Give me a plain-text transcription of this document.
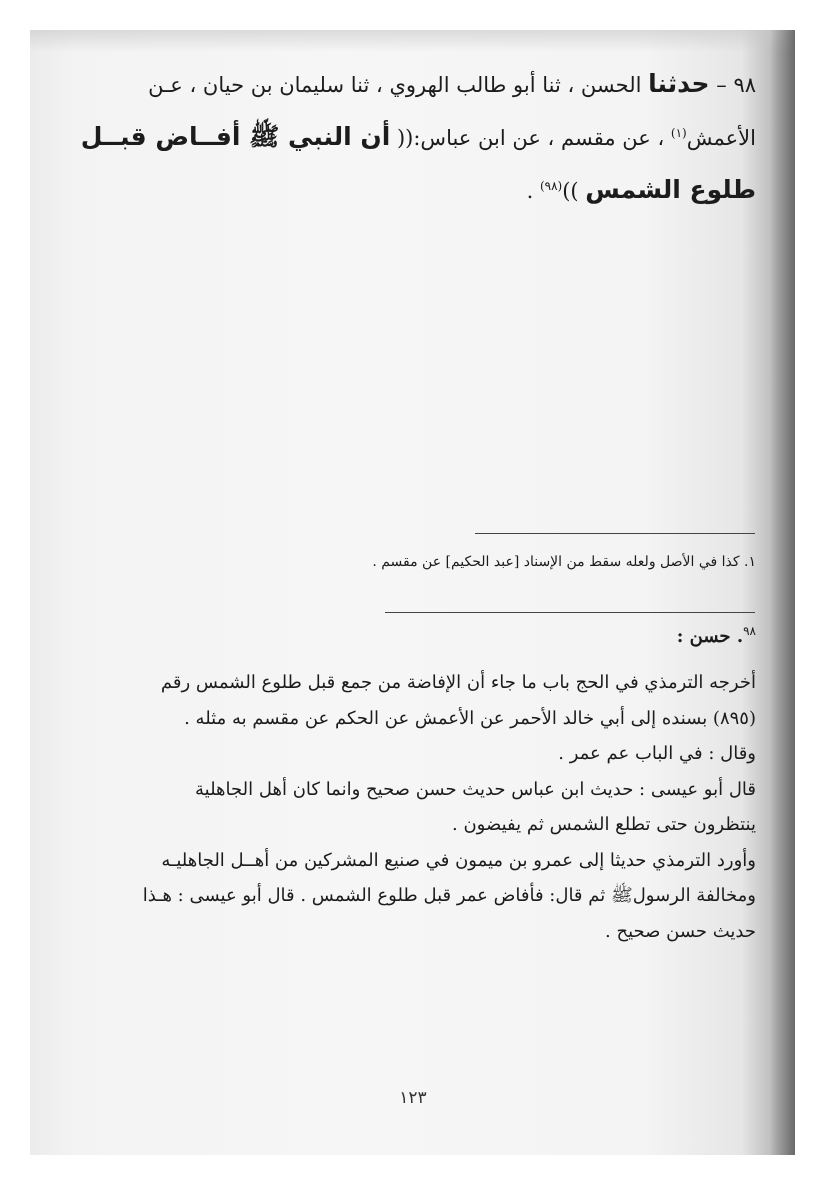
٩٨ – حدثنا الحسن ، ثنا أبو طالب الهروي ، ثنا سليمان بن حيان ، عـن
الأعمش$^{(١)}$ ، عن مقسم ، عن ابن عباس:(( أن النبي ﷺ أفــاض قبــل
طلوع الشمس ))$^{(٩٨)}$ .
١. كذا في الأصل ولعله سقط من الإسناد [عبد الحكيم] عن مقسم .
$^{٩٨}$. حسن :
أخرجه الترمذي في الحج باب ما جاء أن الإفاضة من جمع قبل طلوع الشمس رقم
(٨٩٥) بسنده إلى أبي خالد الأحمر عن الأعمش عن الحكم عن مقسم به مثله .
وقال : في الباب عم عمر .
قال أبو عيسى : حديث ابن عباس حديث حسن صحيح وانما كان أهل الجاهلية
ينتظرون حتى تطلع الشمس ثم يفيضون .
وأورد الترمذي حديثا إلى عمرو بن ميمون في صنيع المشركين من أهــل الجاهليـه
ومخالفة الرسولﷺ ثم قال: فأفاض عمر قبل طلوع الشمس . قال أبو عيسى : هـذا
حديث حسن صحيح .
١٢٣
